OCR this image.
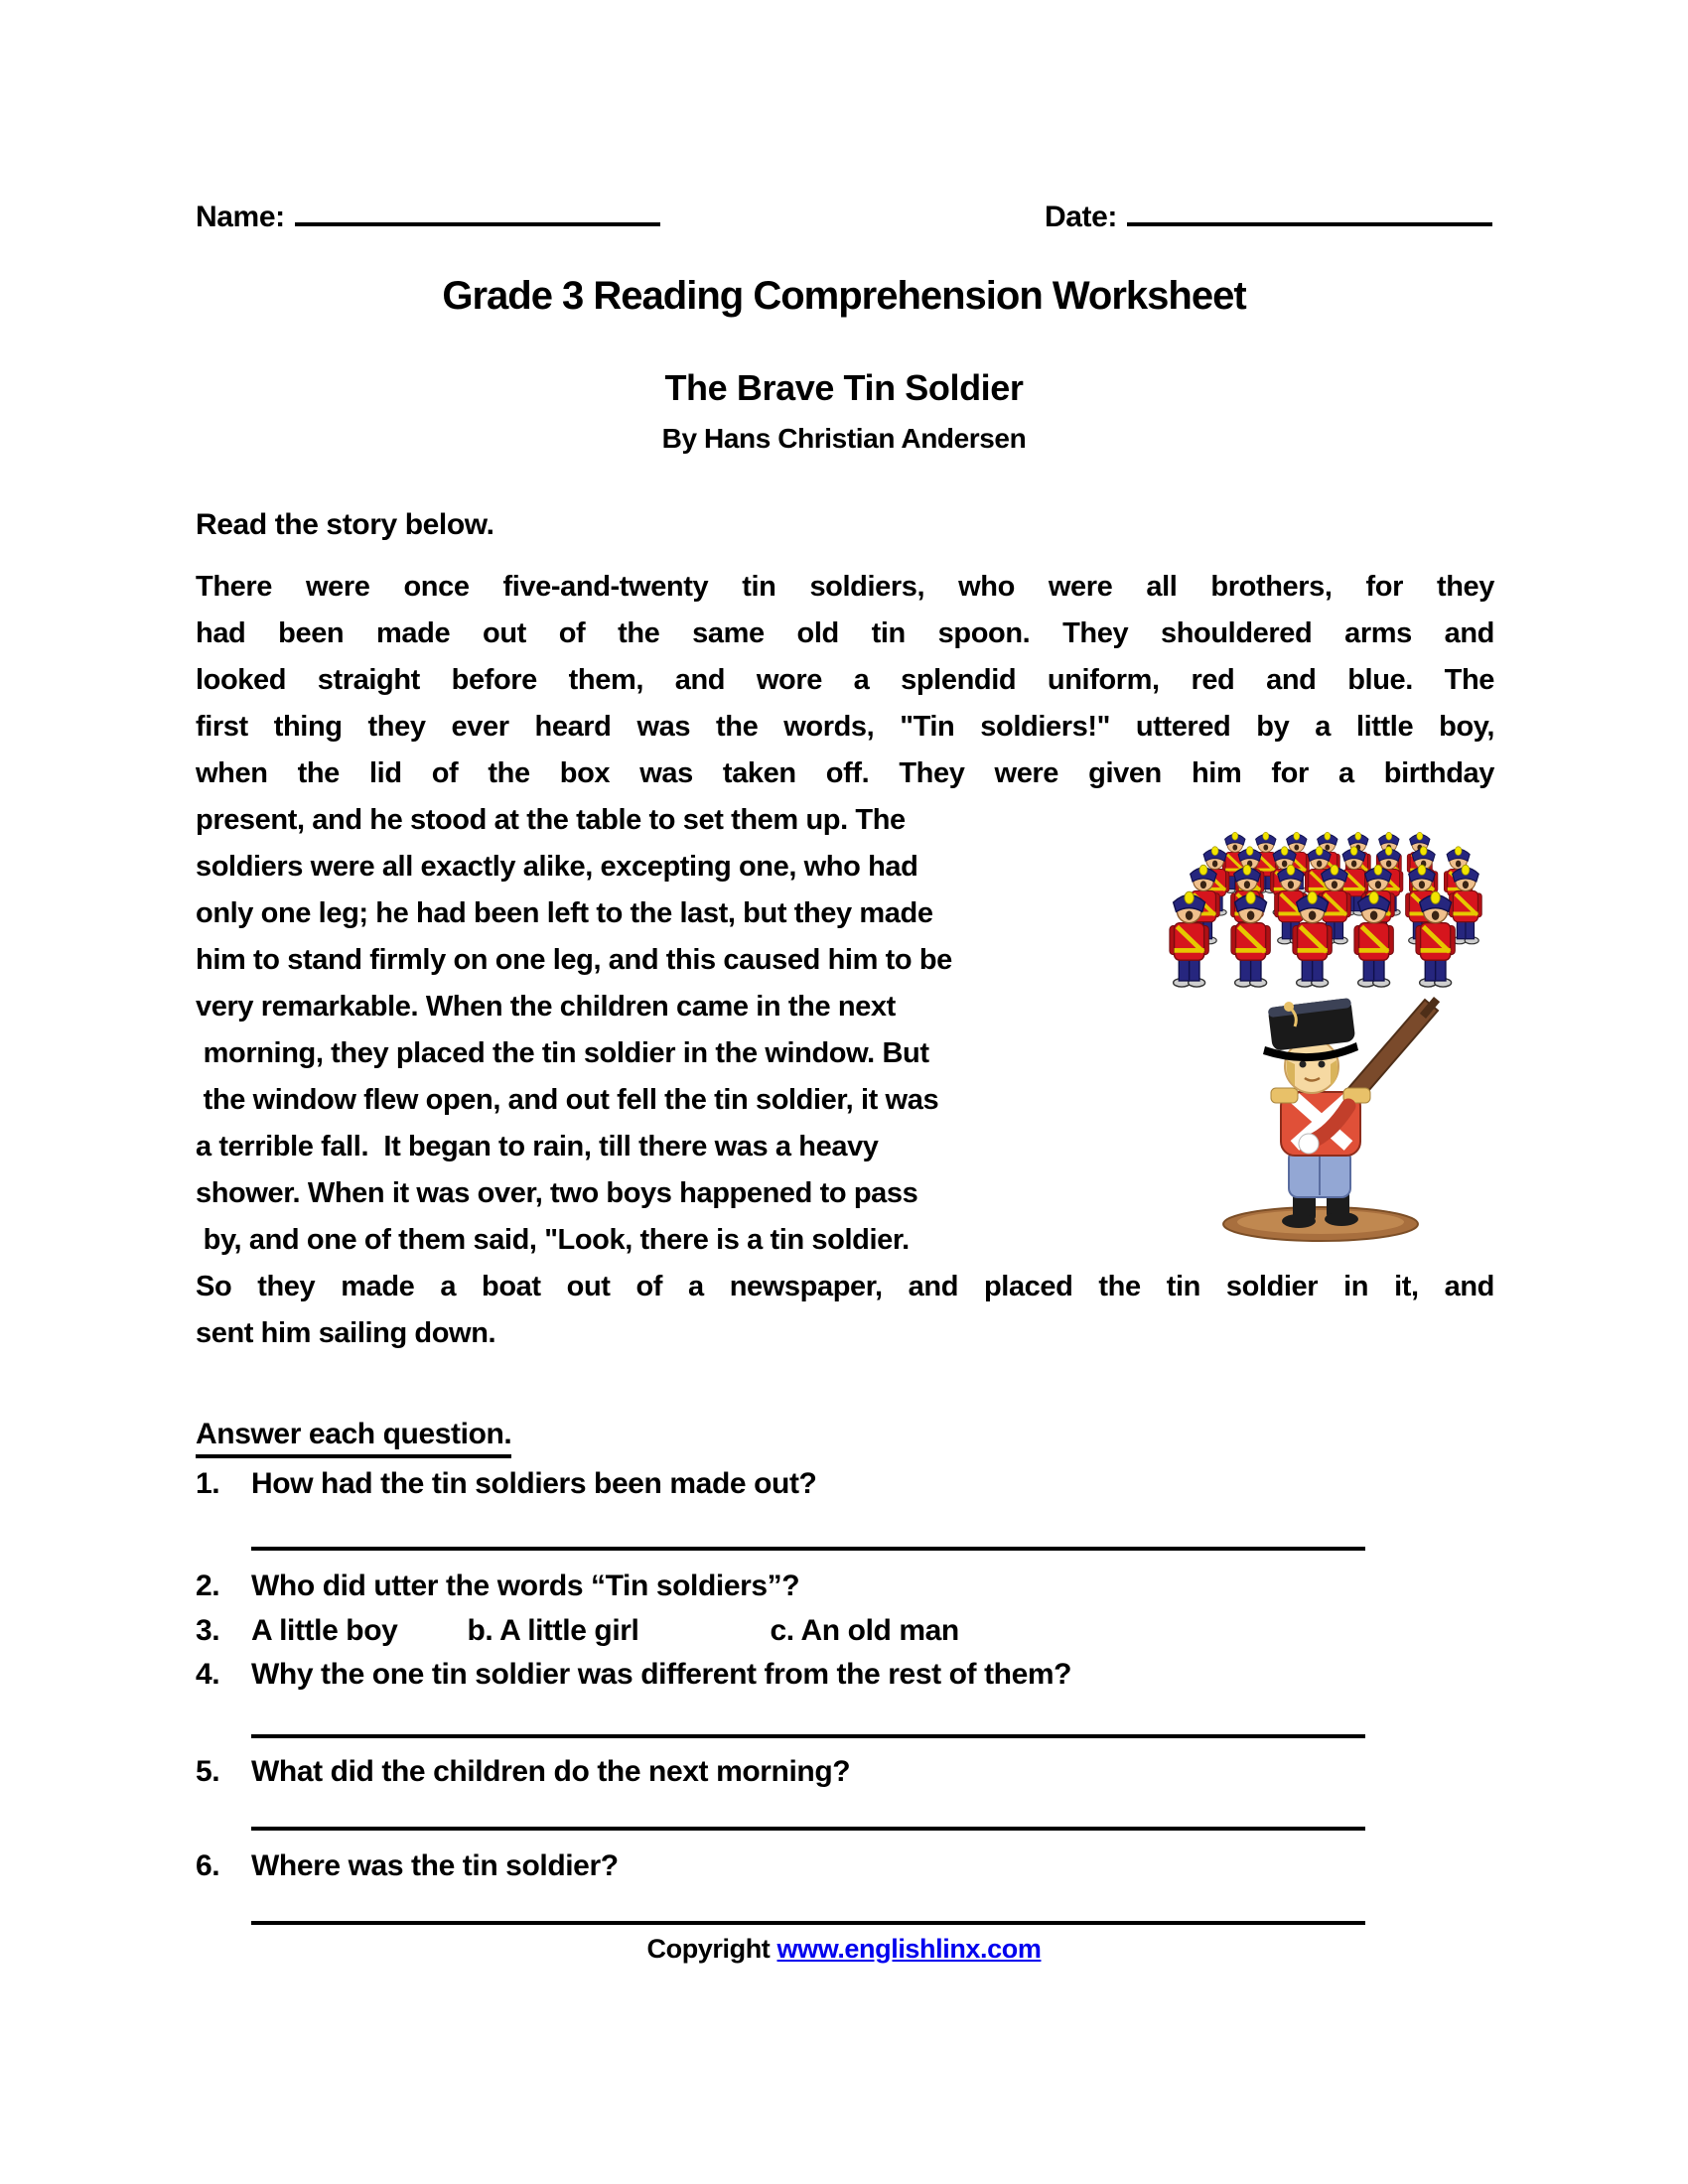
Name:	Date:
Grade 3 Reading Comprehension Worksheet
The Brave Tin Soldier
By Hans Christian Andersen
Read the story below.
There were once five-and-twenty tin soldiers, who were all brothers, for they
had been made out of the same old tin spoon. They shouldered arms and
looked straight before them, and wore a splendid uniform, red and blue. The
first thing they ever heard was the words, "Tin soldiers!" uttered by a little boy,
when the lid of the box was taken off. They were given him for a birthday
present, and he stood at the table to set them up. The
soldiers were all exactly alike, excepting one, who had
only one leg; he had been left to the last, but they made
him to stand firmly on one leg, and this caused him to be
very remarkable. When the children came in the next
morning, they placed the tin soldier in the window. But
the window flew open, and out fell the tin soldier, it was
a terrible fall.  It began to rain, till there was a heavy
shower. When it was over, two boys happened to pass
by, and one of them said, "Look, there is a tin soldier.
So they made a boat out of a newspaper, and placed the tin soldier in it, and
sent him sailing down.
Answer each question.
1.	How had the tin soldiers been made out?
2.	Who did utter the words “Tin soldiers”?
3.	A little boy b. A little girl	c. An old man
4.	Why the one tin soldier was different from the rest of them?
5.	What did the children do the next morning?
6.	Where was the tin soldier?
Copyright www.englishlinx.com
